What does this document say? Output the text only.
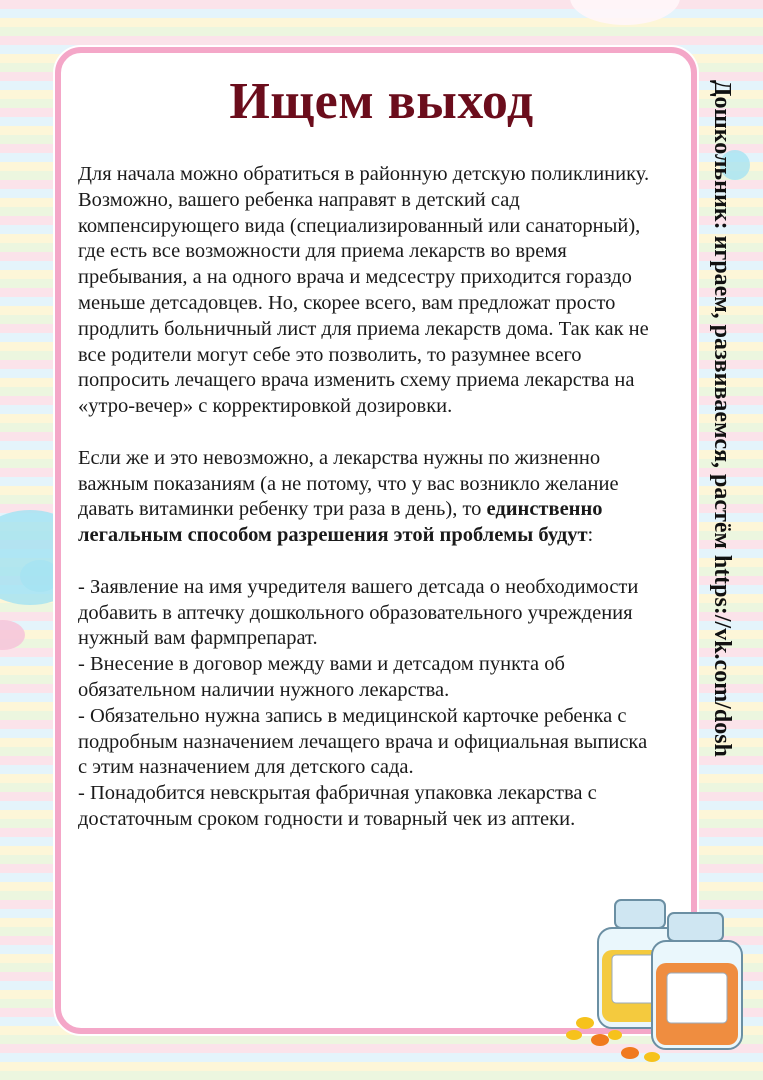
Ищем выход

Для начала можно обратиться в районную детскую поликлинику. Возможно, вашего ребенка направят в детский сад компенсирующего вида (специализированный или санаторный), где есть все возможности для приема лекарств во время пребывания, а на одного врача и медсестру приходится гораздо меньше детсадовцев. Но, скорее всего, вам предложат просто продлить больничный лист для приема лекарств дома. Так как не все родители могут себе это позволить, то разумнее всего попросить лечащего врача изменить схему приема лекарства на «утро-вечер» с корректировкой дозировки.

Если же и это невозможно, а лекарства нужны по жизненно важным показаниям (а не потому, что у вас возникло желание давать витаминки ребенку три раза в день), то единственно легальным способом разрешения этой проблемы будут:

- Заявление на имя учредителя вашего детсада о необходимости добавить в аптечку дошкольного образовательного учреждения нужный вам фармпрепарат.

- Внесение в договор между вами и детсадом пункта об обязательном наличии нужного лекарства.

- Обязательно нужна запись в медицинской карточке ребенка с подробным назначением лечащего врача и официальная выписка с этим назначением для детского сада.

- Понадобится невскрытая фабричная упаковка лекарства с достаточным сроком годности и товарный чек из аптеки.

Дошкольник: играем, развиваемся, растём https://vk.com/dosh
